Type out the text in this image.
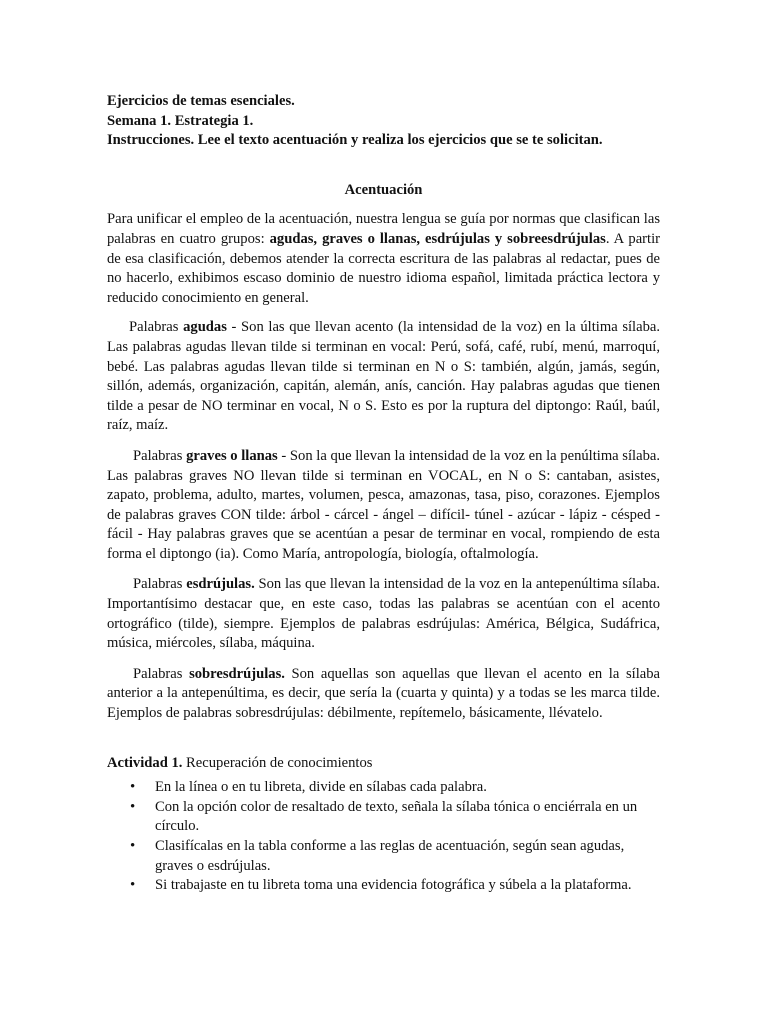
Ejercicios de temas esenciales.

Semana 1. Estrategia 1.

Instrucciones. Lee el texto acentuación y realiza los ejercicios que se te solicitan.

Acentuación

Para unificar el empleo de la acentuación, nuestra lengua se guía por normas que clasifican las palabras en cuatro grupos: agudas, graves o llanas, esdrújulas y sobreesdrújulas. A partir de esa clasificación, debemos atender la correcta escritura de las palabras al redactar, pues de no hacerlo, exhibimos escaso dominio de nuestro idioma español, limitada práctica lectora y reducido conocimiento en general.

Palabras agudas - Son las que llevan acento (la intensidad de la voz) en la última sílaba. Las palabras agudas llevan tilde si terminan en vocal: Perú, sofá, café, rubí, menú, marroquí, bebé. Las palabras agudas llevan tilde si terminan en N o S: también, algún, jamás, según, sillón, además, organización, capitán, alemán, anís, canción. Hay palabras agudas que tienen tilde a pesar de NO terminar en vocal, N o S. Esto es por la ruptura del diptongo: Raúl, baúl, raíz, maíz.

Palabras graves o llanas - Son la que llevan la intensidad de la voz en la penúltima sílaba. Las palabras graves NO llevan tilde si terminan en VOCAL, en N o S: cantaban, asistes, zapato, problema, adulto, martes, volumen, pesca, amazonas, tasa, piso, corazones. Ejemplos de palabras graves CON tilde: árbol - cárcel - ángel – difícil- túnel - azúcar - lápiz - césped - fácil - Hay palabras graves que se acentúan a pesar de terminar en vocal, rompiendo de esta forma el diptongo (ia). Como María, antropología, biología, oftalmología.

Palabras esdrújulas. Son las que llevan la intensidad de la voz en la antepenúltima sílaba. Importantísimo destacar que, en este caso, todas las palabras se acentúan con el acento ortográfico (tilde), siempre. Ejemplos de palabras esdrújulas: América, Bélgica, Sudáfrica, música, miércoles, sílaba, máquina.

Palabras sobresdrújulas. Son aquellas son aquellas que llevan el acento en la sílaba anterior a la antepenúltima, es decir, que sería la (cuarta y quinta) y a todas se les marca tilde. Ejemplos de palabras sobresdrújulas: débilmente, repítemelo, básicamente, llévatelo.

Actividad 1. Recuperación de conocimientos

• En la línea o en tu libreta, divide en sílabas cada palabra.
• Con la opción color de resaltado de texto, señala la sílaba tónica o enciérrala en un círculo.
• Clasifícalas en la tabla conforme a las reglas de acentuación, según sean agudas, graves o esdrújulas.
• Si trabajaste en tu libreta toma una evidencia fotográfica y súbela a la plataforma.
